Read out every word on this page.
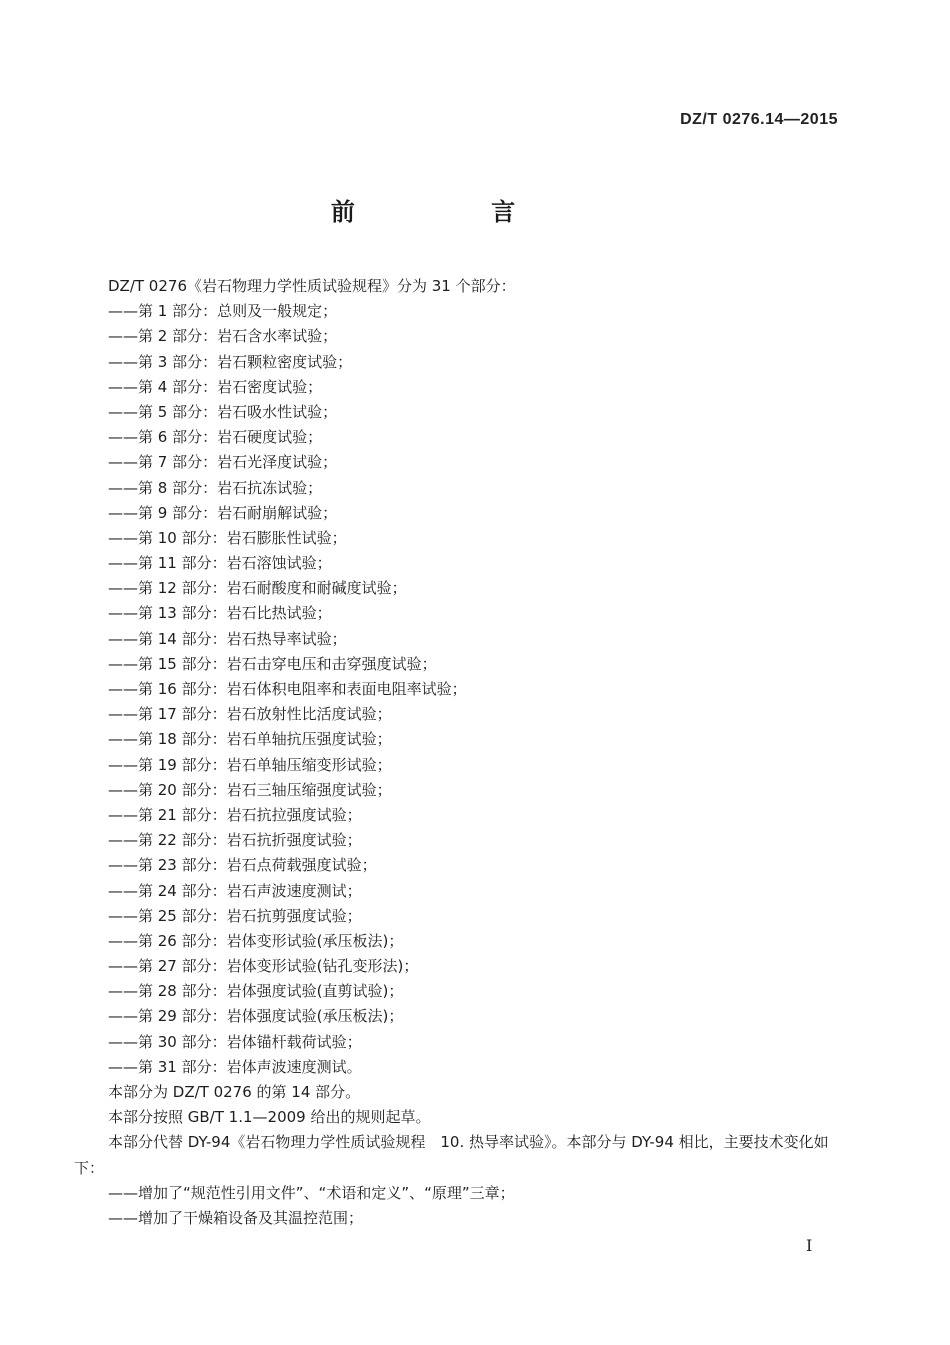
DZ/T 0276.14—2015
前 言
DZ/T 0276《岩石物理力学性质试验规程》分为 31 个部分：
——第 1 部分：总则及一般规定；
——第 2 部分：岩石含水率试验；
——第 3 部分：岩石颗粒密度试验；
——第 4 部分：岩石密度试验；
——第 5 部分：岩石吸水性试验；
——第 6 部分：岩石硬度试验；
——第 7 部分：岩石光泽度试验；
——第 8 部分：岩石抗冻试验；
——第 9 部分：岩石耐崩解试验；
——第 10 部分：岩石膨胀性试验；
——第 11 部分：岩石溶蚀试验；
——第 12 部分：岩石耐酸度和耐碱度试验；
——第 13 部分：岩石比热试验；
——第 14 部分：岩石热导率试验；
——第 15 部分：岩石击穿电压和击穿强度试验；
——第 16 部分：岩石体积电阻率和表面电阻率试验；
——第 17 部分：岩石放射性比活度试验；
——第 18 部分：岩石单轴抗压强度试验；
——第 19 部分：岩石单轴压缩变形试验；
——第 20 部分：岩石三轴压缩强度试验；
——第 21 部分：岩石抗拉强度试验；
——第 22 部分：岩石抗折强度试验；
——第 23 部分：岩石点荷载强度试验；
——第 24 部分：岩石声波速度测试；
——第 25 部分：岩石抗剪强度试验；
——第 26 部分：岩体变形试验(承压板法)；
——第 27 部分：岩体变形试验(钻孔变形法)；
——第 28 部分：岩体强度试验(直剪试验)；
——第 29 部分：岩体强度试验(承压板法)；
——第 30 部分：岩体锚杆载荷试验；
——第 31 部分：岩体声波速度测试。
本部分为 DZ/T 0276 的第 14 部分。
本部分按照 GB/T 1.1—2009 给出的规则起草。
本部分代替 DY-94《岩石物理力学性质试验规程　10. 热导率试验》。本部分与 DY-94 相比，主要技术变化如下：
——增加了“规范性引用文件”、“术语和定义”、“原理”三章；
——增加了干燥箱设备及其温控范围；
I
